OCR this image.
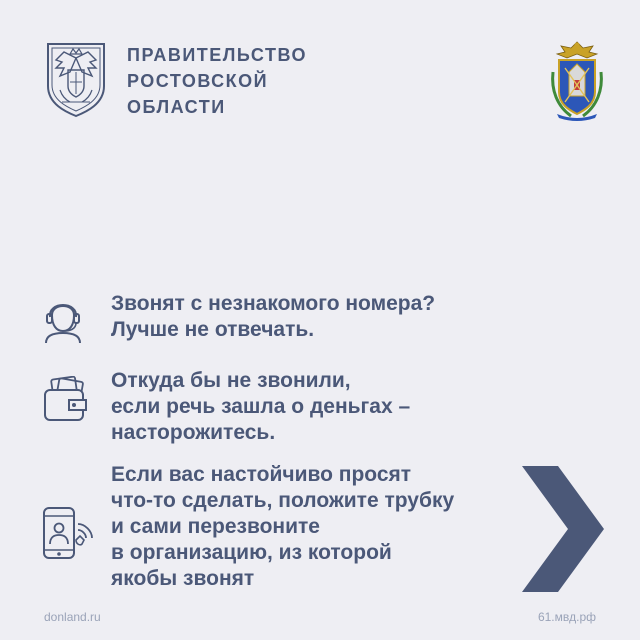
ПРАВИТЕЛЬСТВО
РОСТОВСКОЙ
ОБЛАСТИ
Звонят с незнакомого номера?
Лучше не отвечать.
Откуда бы не звонили,
если речь зашла о деньгах –
насторожитесь.
Если вас настойчиво просят
что-то сделать, положите трубку
и сами перезвоните
в организацию, из которой
якобы звонят
donland.ru	61.мвд.рф
